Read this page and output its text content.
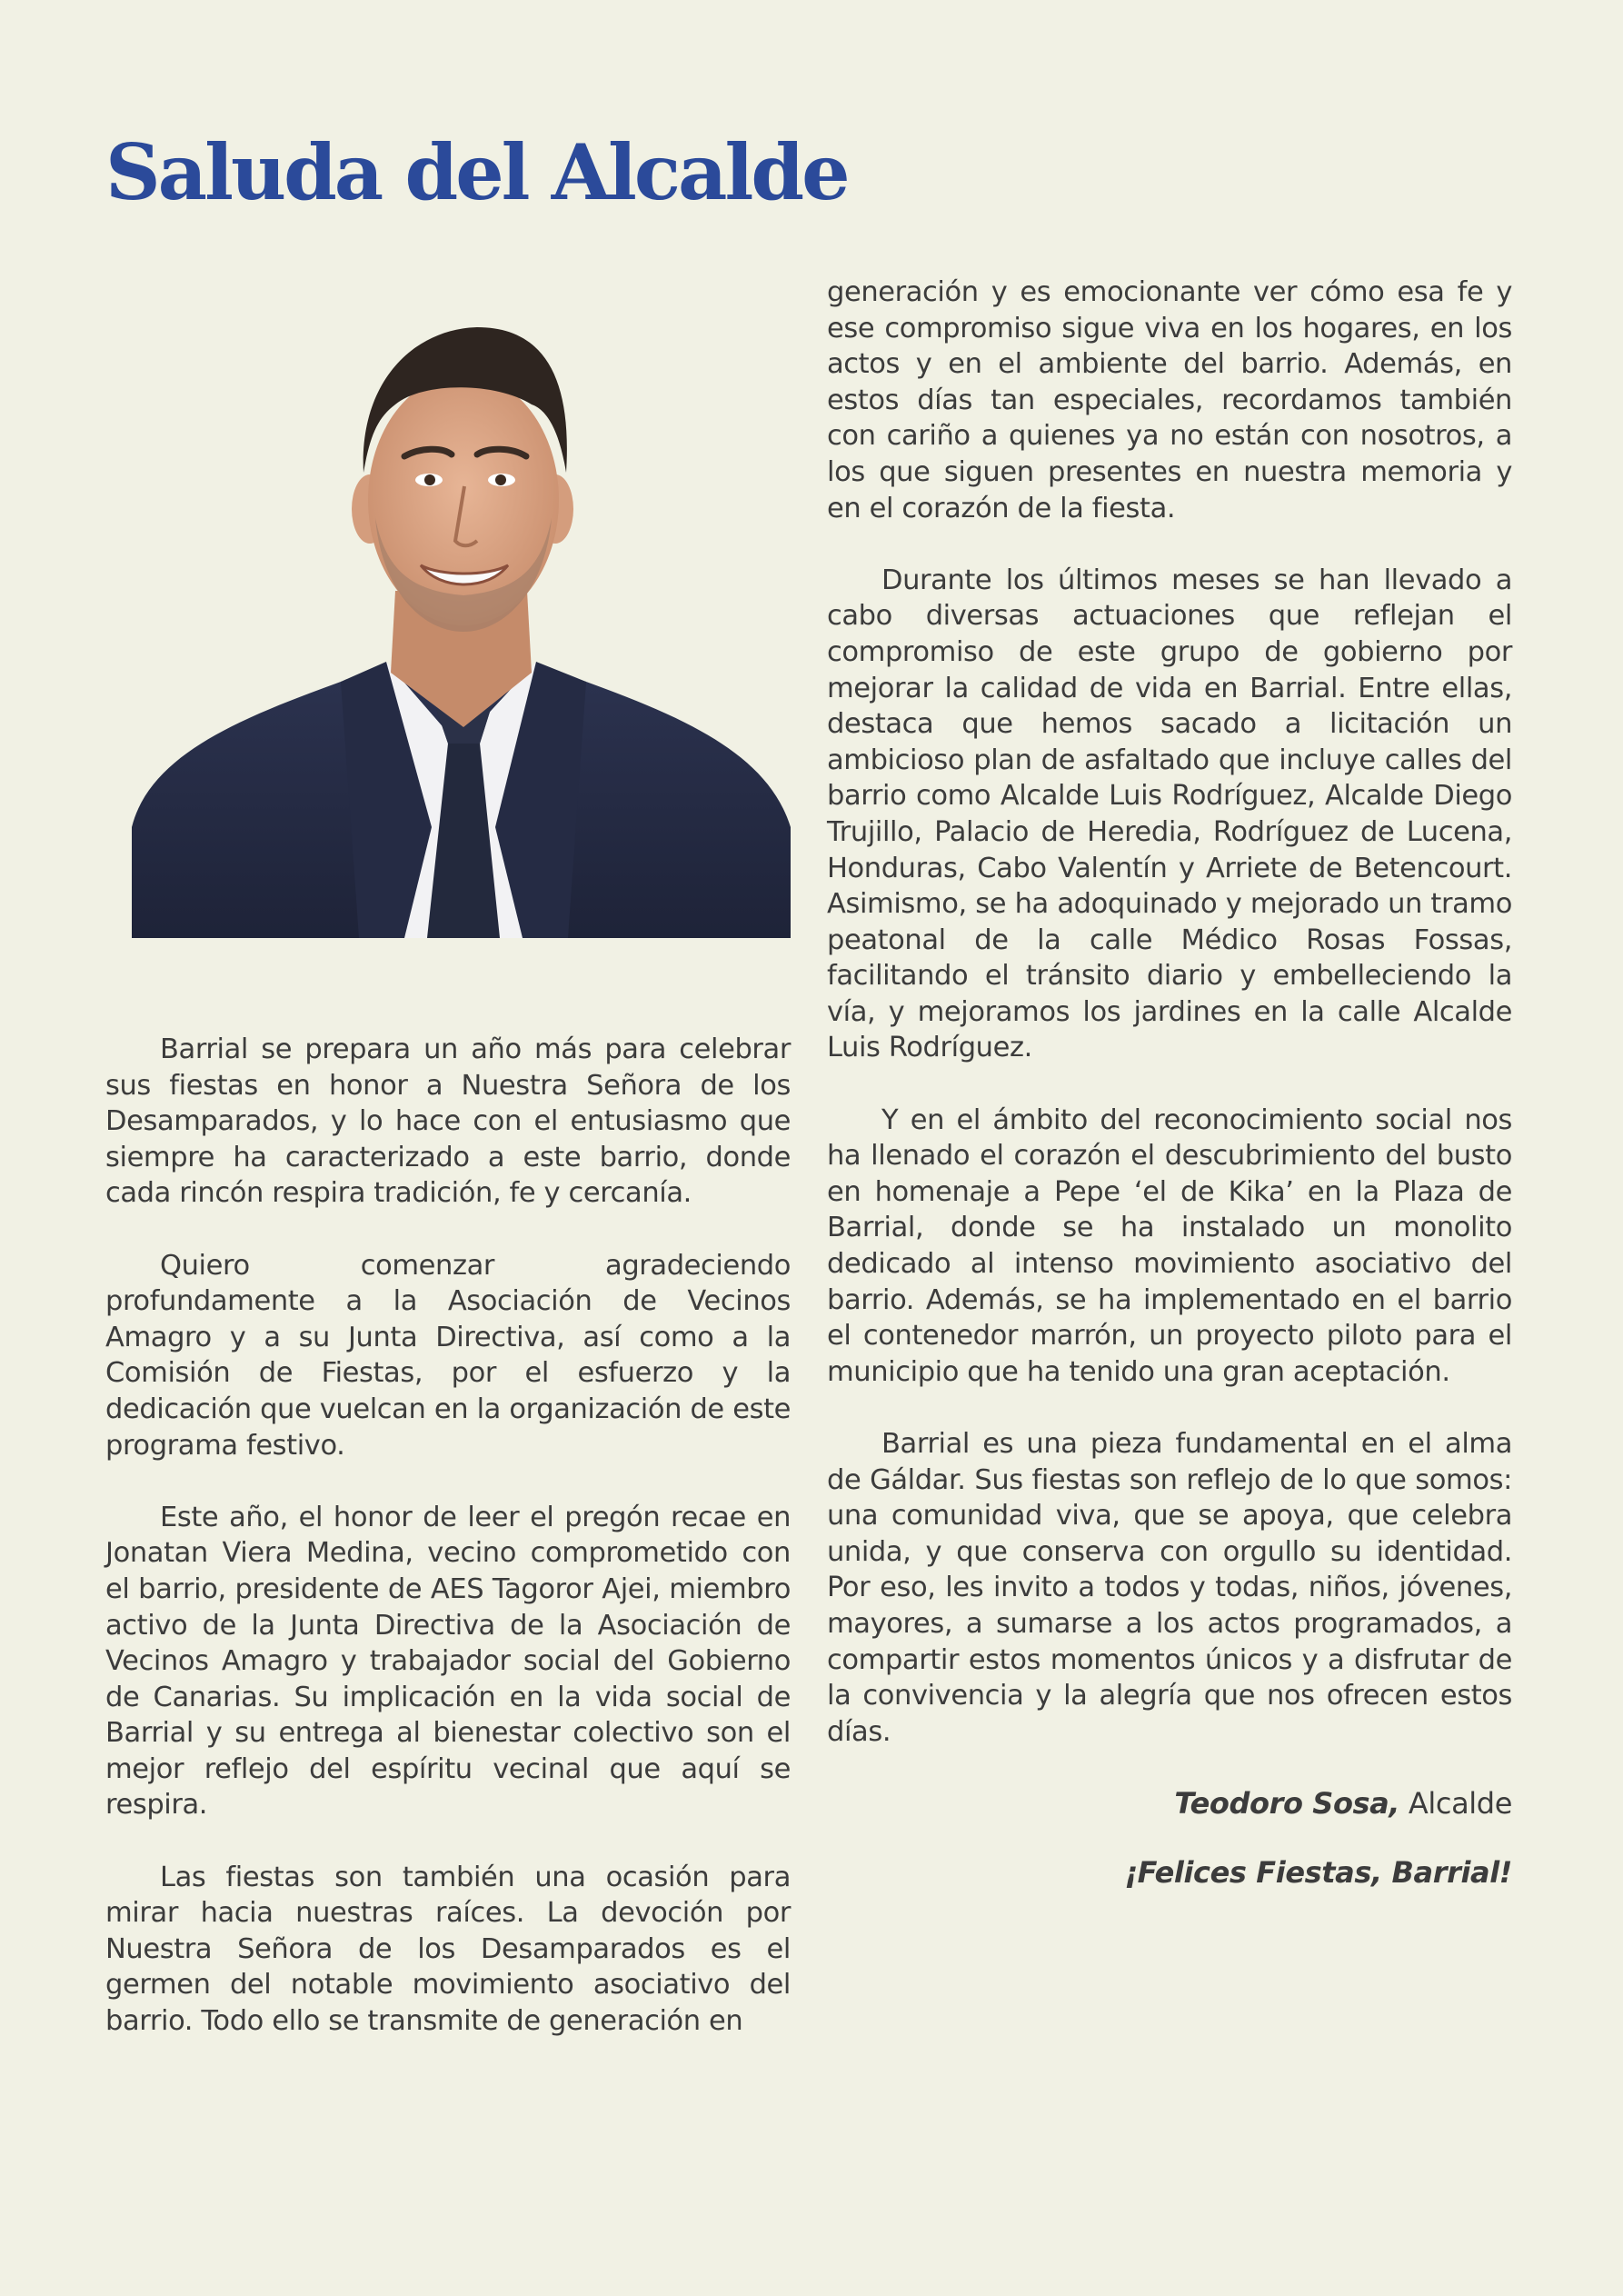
Saluda del Alcalde

Barrial se prepara un año más para celebrar sus fiestas en honor a Nuestra Señora de los Desamparados, y lo hace con el entusiasmo que siempre ha caracterizado a este barrio, donde cada rincón respira tradición, fe y cercanía.

Quiero comenzar agradeciendo profundamente a la Asociación de Vecinos Amagro y a su Junta Directiva, así como a la Comisión de Fiestas, por el esfuerzo y la dedicación que vuelcan en la organización de este programa festivo.

Este año, el honor de leer el pregón recae en Jonatan Viera Medina, vecino comprometido con el barrio, presidente de AES Tagoror Ajei, miembro activo de la Junta Directiva de la Asociación de Vecinos Amagro y trabajador social del Gobierno de Canarias. Su implicación en la vida social de Barrial y su entrega al bienestar colectivo son el mejor reflejo del espíritu vecinal que aquí se respira.

Las fiestas son también una ocasión para mirar hacia nuestras raíces. La devoción por Nuestra Señora de los Desamparados es el germen del notable movimiento asociativo del barrio. Todo ello se transmite de generación en

generación y es emocionante ver cómo esa fe y ese compromiso sigue viva en los hogares, en los actos y en el ambiente del barrio. Además, en estos días tan especiales, recordamos también con cariño a quienes ya no están con nosotros, a los que siguen presentes en nuestra memoria y en el corazón de la fiesta.

Durante los últimos meses se han llevado a cabo diversas actuaciones que reflejan el compromiso de este grupo de gobierno por mejorar la calidad de vida en Barrial. Entre ellas, destaca que hemos sacado a licitación un ambicioso plan de asfaltado que incluye calles del barrio como Alcalde Luis Rodríguez, Alcalde Diego Trujillo, Palacio de Heredia, Rodríguez de Lucena, Honduras, Cabo Valentín y Arriete de Betencourt. Asimismo, se ha adoquinado y mejorado un tramo peatonal de la calle Médico Rosas Fossas, facilitando el tránsito diario y embelleciendo la vía, y mejoramos los jardines en la calle Alcalde Luis Rodríguez.

Y en el ámbito del reconocimiento social nos ha llenado el corazón el descubrimiento del busto en homenaje a Pepe ‘el de Kika’ en la Plaza de Barrial, donde se ha instalado un monolito dedicado al intenso movimiento asociativo del barrio. Además, se ha implementado en el barrio el contenedor marrón, un proyecto piloto para el municipio que ha tenido una gran aceptación.

Barrial es una pieza fundamental en el alma de Gáldar. Sus fiestas son reflejo de lo que somos: una comunidad viva, que se apoya, que celebra unida, y que conserva con orgullo su identidad. Por eso, les invito a todos y todas, niños, jóvenes, mayores, a sumarse a los actos programados, a compartir estos momentos únicos y a disfrutar de la convivencia y la alegría que nos ofrecen estos días.

Teodoro Sosa, Alcalde

¡Felices Fiestas, Barrial!
